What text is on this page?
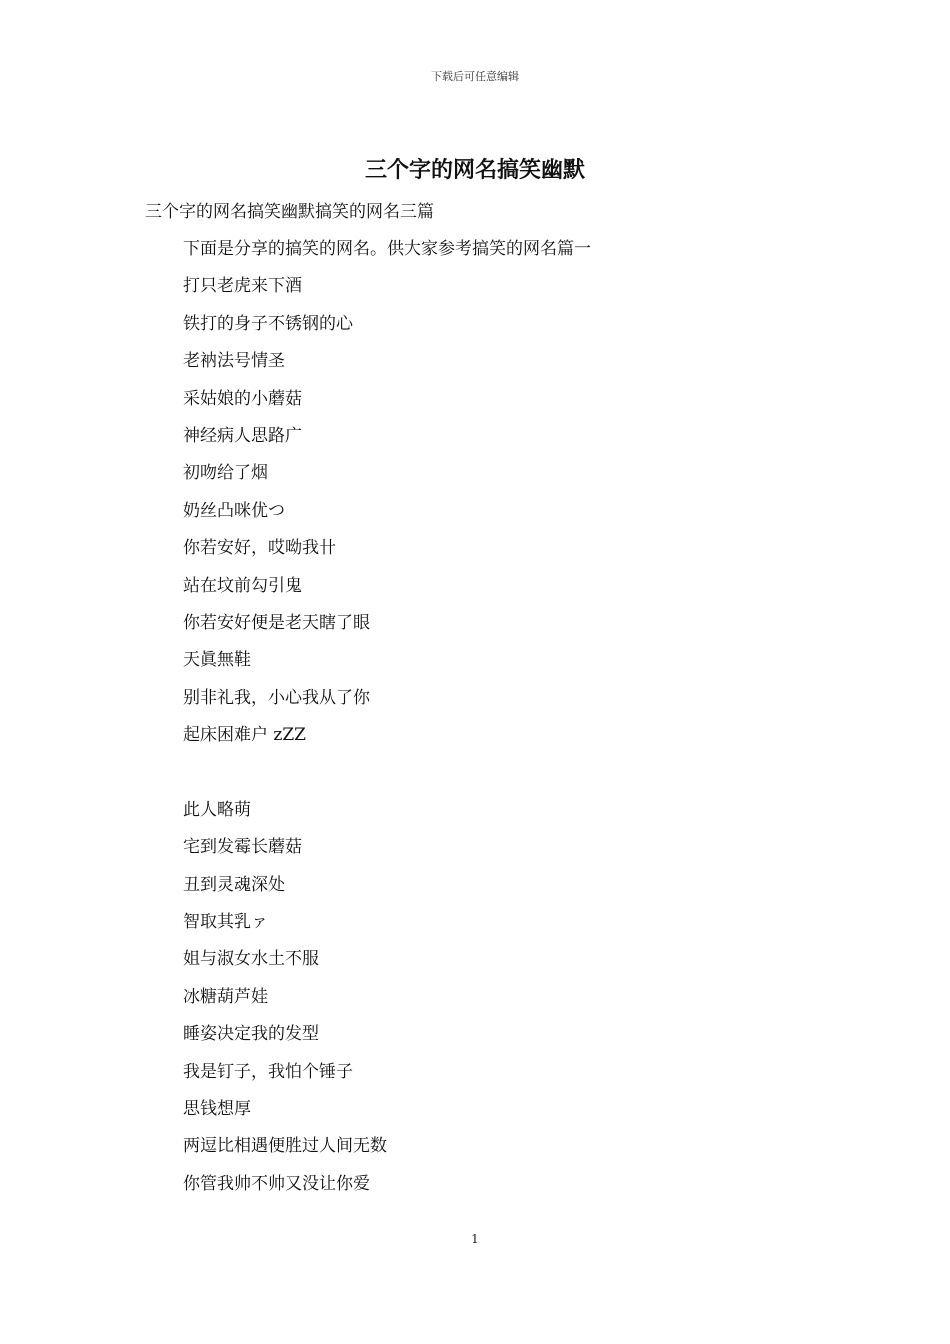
下载后可任意编辑
三个字的网名搞笑幽默

三个字的网名搞笑幽默搞笑的网名三篇

下面是分享的搞笑的网名。供大家参考搞笑的网名篇一
打只老虎来下酒
铁打的身子不锈钢的心
老衲法号情圣
采姑娘的小蘑菇
神经病人思路广
初吻给了烟
奶丝凸咪优つ
你若安好，哎呦我卄
站在坟前勾引鬼
你若安好便是老天瞎了眼
天眞無鞋
别非礼我，小心我从了你
起床困难户 zZZ
此人略萌
宅到发霉长蘑菇
丑到灵魂深处
智取其乳ァ
姐与淑女水土不服
冰糖葫芦娃
睡姿决定我的发型
我是钉子，我怕个锤子
思钱想厚
两逗比相遇便胜过人间无数
你管我帅不帅又没让你爱
1
